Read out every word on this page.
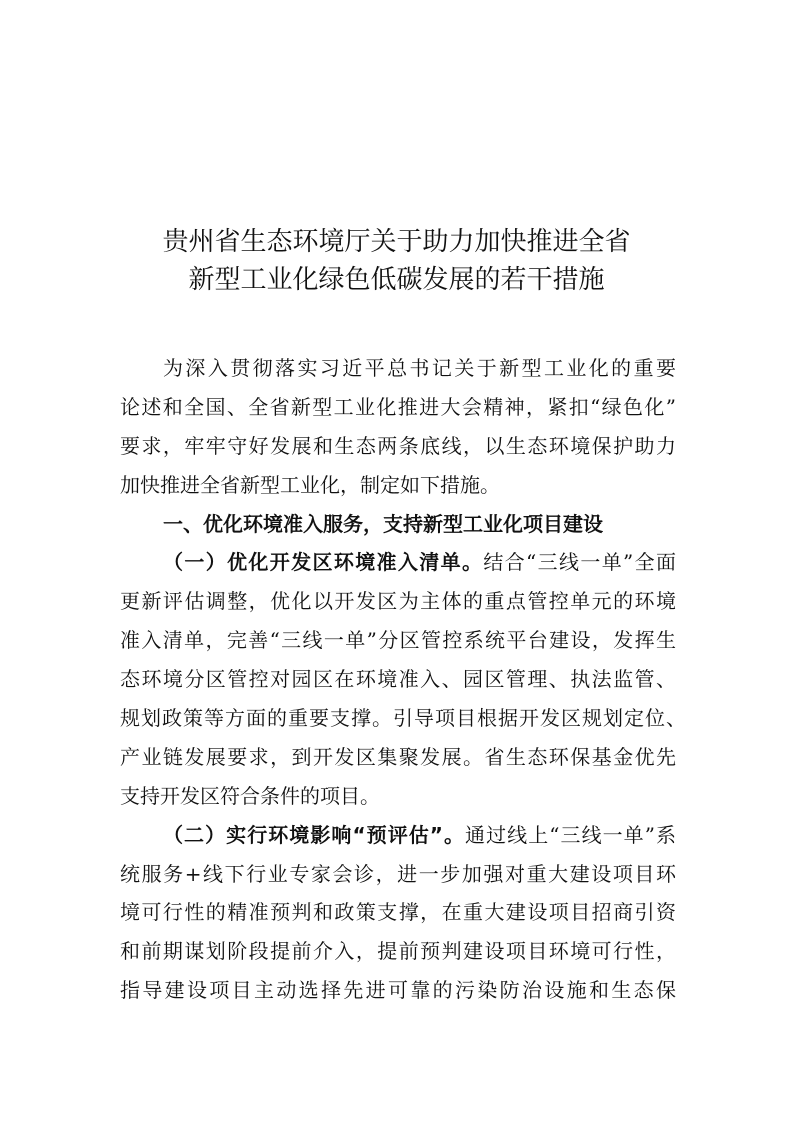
贵州省生态环境厅关于助力加快推进全省
新型工业化绿色低碳发展的若干措施
为深入贯彻落实习近平总书记关于新型工业化的重要
论述和全国、全省新型工业化推进大会精神，紧扣“绿色化”
要求，牢牢守好发展和生态两条底线，以生态环境保护助力
加快推进全省新型工业化，制定如下措施。
一、优化环境准入服务，支持新型工业化项目建设
（一）优化开发区环境准入清单。结合“三线一单”全面
更新评估调整，优化以开发区为主体的重点管控单元的环境
准入清单，完善“三线一单”分区管控系统平台建设，发挥生
态环境分区管控对园区在环境准入、园区管理、执法监管、
规划政策等方面的重要支撑。引导项目根据开发区规划定位、
产业链发展要求，到开发区集聚发展。省生态环保基金优先
支持开发区符合条件的项目。
（二）实行环境影响“预评估”。通过线上“三线一单”系
统服务+线下行业专家会诊，进一步加强对重大建设项目环
境可行性的精准预判和政策支撑，在重大建设项目招商引资
和前期谋划阶段提前介入，提前预判建设项目环境可行性，
指导建设项目主动选择先进可靠的污染防治设施和生态保
